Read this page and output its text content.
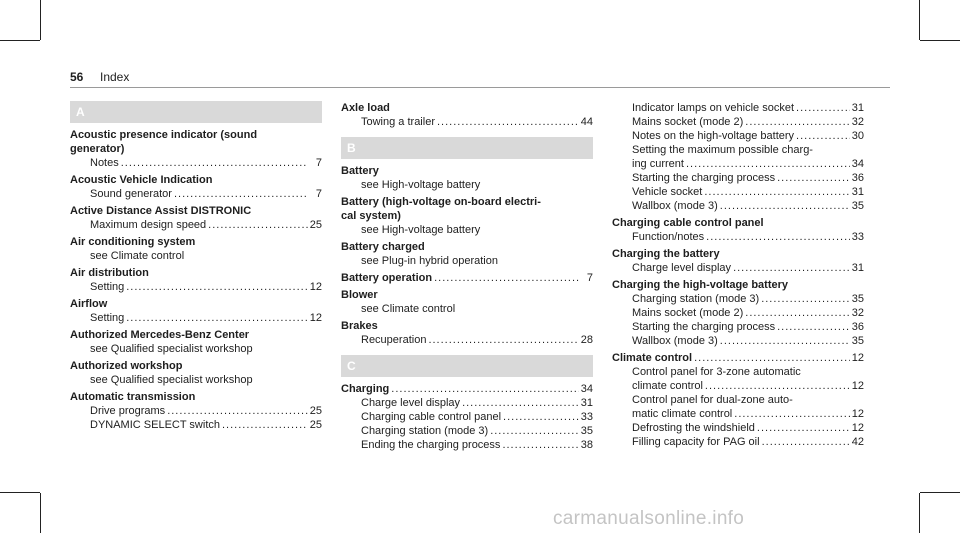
56 Index
A
Acoustic presence indicator (sound
generator)
Notes .....	7
Acoustic Vehicle Indication
Sound generator .....	7
Active Distance Assist DISTRONIC
Maximum design speed .....	25
Air conditioning system
see Climate control
Air distribution
Setting .....	12
Airflow
Setting .....	12
Authorized Mercedes-Benz Center
see Qualified specialist workshop
Authorized workshop
see Qualified specialist workshop
Automatic transmission
Drive programs .....	25
DYNAMIC SELECT switch .....	25
Axle load
Towing a trailer .....	44
B
Battery
see High-voltage battery
Battery (high-voltage on-board electri-
cal system)
see High-voltage battery
Battery charged
see Plug-in hybrid operation
Battery operation .....	7
Blower
see Climate control
Brakes
Recuperation .....	28
C
Charging .....	34
Charge level display .....	31
Charging cable control panel .....	33
Charging station (mode 3) .....	35
Ending the charging process .....	38
Indicator lamps on vehicle socket .....	31
Mains socket (mode 2) .....	32
Notes on the high-voltage battery .....	30
Setting the maximum possible charg-
ing current .....	34
Starting the charging process .....	36
Vehicle socket .....	31
Wallbox (mode 3) .....	35
Charging cable control panel
Function/notes .....	33
Charging the battery
Charge level display .....	31
Charging the high-voltage battery
Charging station (mode 3) .....	35
Mains socket (mode 2) .....	32
Starting the charging process .....	36
Wallbox (mode 3) .....	35
Climate control .....	12
Control panel for 3-zone automatic
climate control .....	12
Control panel for dual-zone auto-
matic climate control .....	12
Defrosting the windshield .....	12
Filling capacity for PAG oil .....	42
carmanualsonline.info
